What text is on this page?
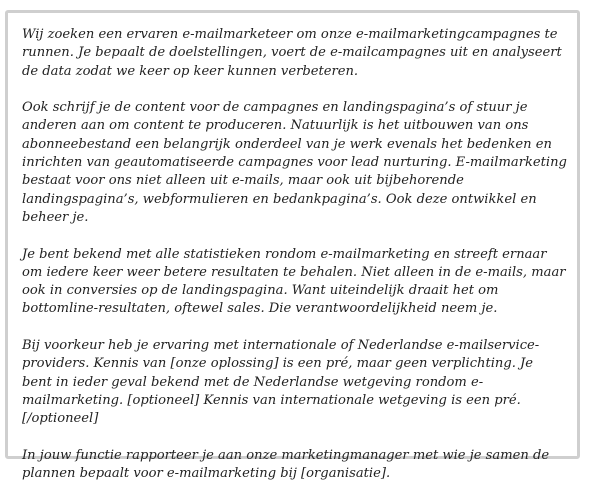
Wij zoeken een ervaren e-mailmarketeer om onze e-mailmarketingcampagnes te runnen. Je bepaalt de doelstellingen, voert de e-mailcampagnes uit en analyseert de data zodat we keer op keer kunnen verbeteren.

Ook schrijf je de content voor de campagnes en landingspagina’s of stuur je anderen aan om content te produceren. Natuurlijk is het uitbouwen van ons abonneebestand een belangrijk onderdeel van je werk evenals het bedenken en inrichten van geautomatiseerde campagnes voor lead nurturing. E-mailmarketing bestaat voor ons niet alleen uit e-mails, maar ook uit bijbehorende landingspagina’s, webformulieren en bedankpagina’s. Ook deze ontwikkel en beheer je.

Je bent bekend met alle statistieken rondom e-mailmarketing en streeft ernaar om iedere keer weer betere resultaten te behalen. Niet alleen in de e-mails, maar ook in conversies op de landingspagina. Want uiteindelijk draait het om bottomline-resultaten, oftewel sales. Die verantwoordelijkheid neem je.

Bij voorkeur heb je ervaring met internationale of Nederlandse e-mailservice-providers. Kennis van [onze oplossing] is een pré, maar geen verplichting. Je bent in ieder geval bekend met de Nederlandse wetgeving rondom e-mailmarketing. [optioneel] Kennis van internationale wetgeving is een pré.[/optioneel]

In jouw functie rapporteer je aan onze marketingmanager met wie je samen de plannen bepaalt voor e-mailmarketing bij [organisatie].
